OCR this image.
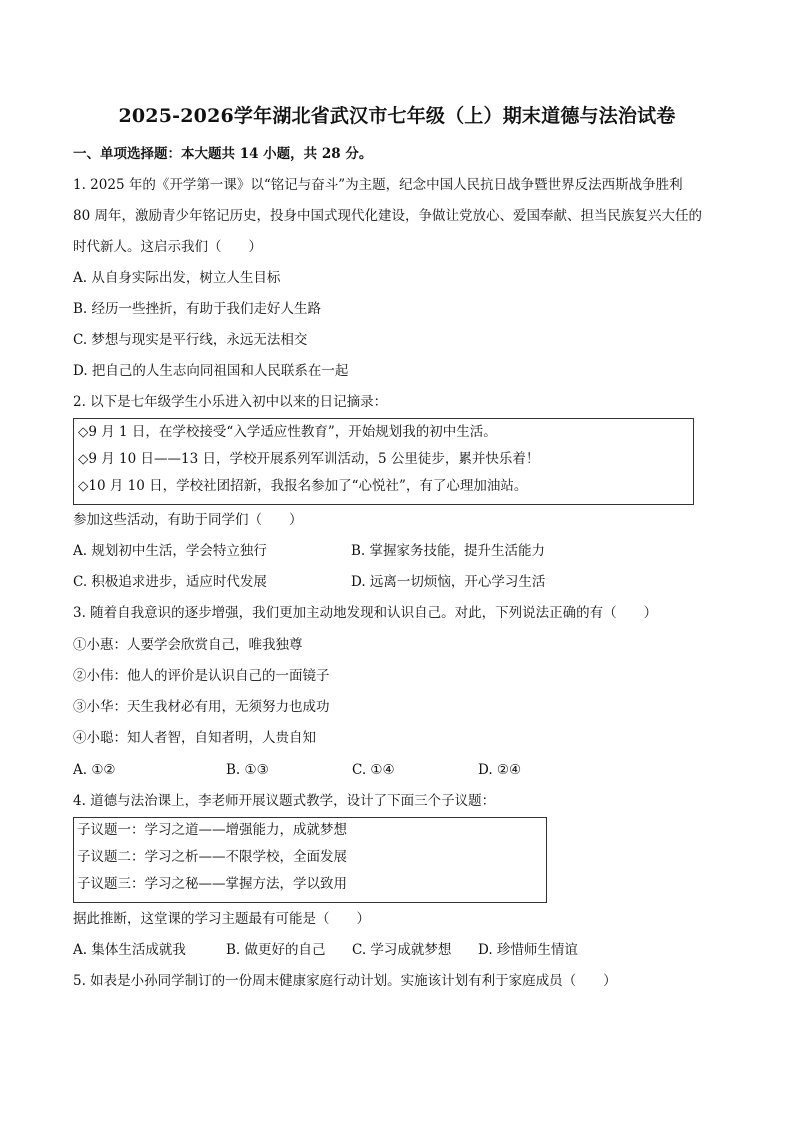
2025-2026学年湖北省武汉市七年级（上）期末道德与法治试卷
一、单项选择题：本大题共 14 小题，共 28 分。
1. 2025 年的《开学第一课》以“铭记与奋斗”为主题，纪念中国人民抗日战争暨世界反法西斯战争胜利
80 周年，激励青少年铭记历史，投身中国式现代化建设，争做让党放心、爱国奉献、担当民族复兴大任的
时代新人。这启示我们（　　）
A. 从自身实际出发，树立人生目标
B. 经历一些挫折，有助于我们走好人生路
C. 梦想与现实是平行线，永远无法相交
D. 把自己的人生志向同祖国和人民联系在一起
2. 以下是七年级学生小乐进入初中以来的日记摘录：
◇9 月 1 日，在学校接受“入学适应性教育”，开始规划我的初中生活。
◇9 月 10 日——13 日，学校开展系列军训活动，5 公里徒步，累并快乐着！
◇10 月 10 日，学校社团招新，我报名参加了“心悦社”，有了心理加油站。
参加这些活动，有助于同学们（　　）
A. 规划初中生活，学会特立独行	B. 掌握家务技能，提升生活能力
C. 积极追求进步，适应时代发展	D. 远离一切烦恼，开心学习生活
3. 随着自我意识的逐步增强，我们更加主动地发现和认识自己。对此，下列说法正确的有（　　）
①小惠：人要学会欣赏自己，唯我独尊
②小伟：他人的评价是认识自己的一面镜子
③小华：天生我材必有用，无须努力也成功
④小聪：知人者智，自知者明，人贵自知
A. ①②	B. ①③	C. ①④	D. ②④
4. 道德与法治课上，李老师开展议题式教学，设计了下面三个子议题：
子议题一：学习之道——增强能力，成就梦想
子议题二：学习之析——不限学校，全面发展
子议题三：学习之秘——掌握方法，学以致用
据此推断，这堂课的学习主题最有可能是（　　）
A. 集体生活成就我	B. 做更好的自己 C. 学习成就梦想 D. 珍惜师生情谊
5. 如表是小孙同学制订的一份周末健康家庭行动计划。实施该计划有利于家庭成员（　　）
